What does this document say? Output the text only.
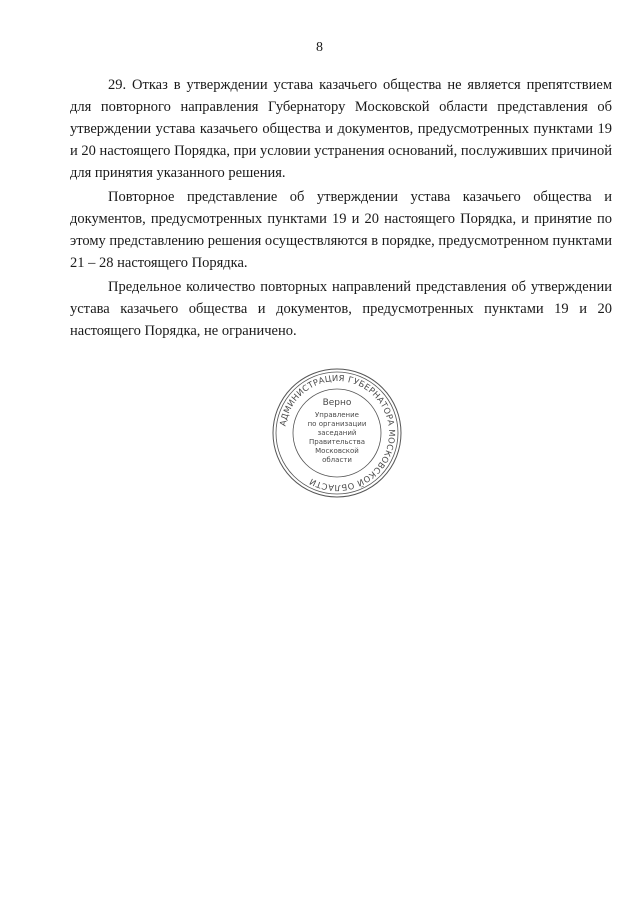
8

29. Отказ в утверждении устава казачьего общества не является препятствием для повторного направления Губернатору Московской области представления об утверждении устава казачьего общества и документов, предусмотренных пунктами 19 и 20 настоящего Порядка, при условии устранения оснований, послуживших причиной для принятия указанного решения.

Повторное представление об утверждении устава казачьего общества и документов, предусмотренных пунктами 19 и 20 настоящего Порядка, и принятие по этому представлению решения осуществляются в порядке, предусмотренном пунктами 21 – 28 настоящего Порядка.

Предельное количество повторных направлений представления об утверждении устава казачьего общества и документов, предусмотренных пунктами 19 и 20 настоящего Порядка, не ограничено.

АДМИНИСТРАЦИЯ ГУБЕРНАТОРА МОСКОВСКОЙ ОБЛАСТИ
Верно
Управление
по организации
заседаний
Правительства
Московской
области
